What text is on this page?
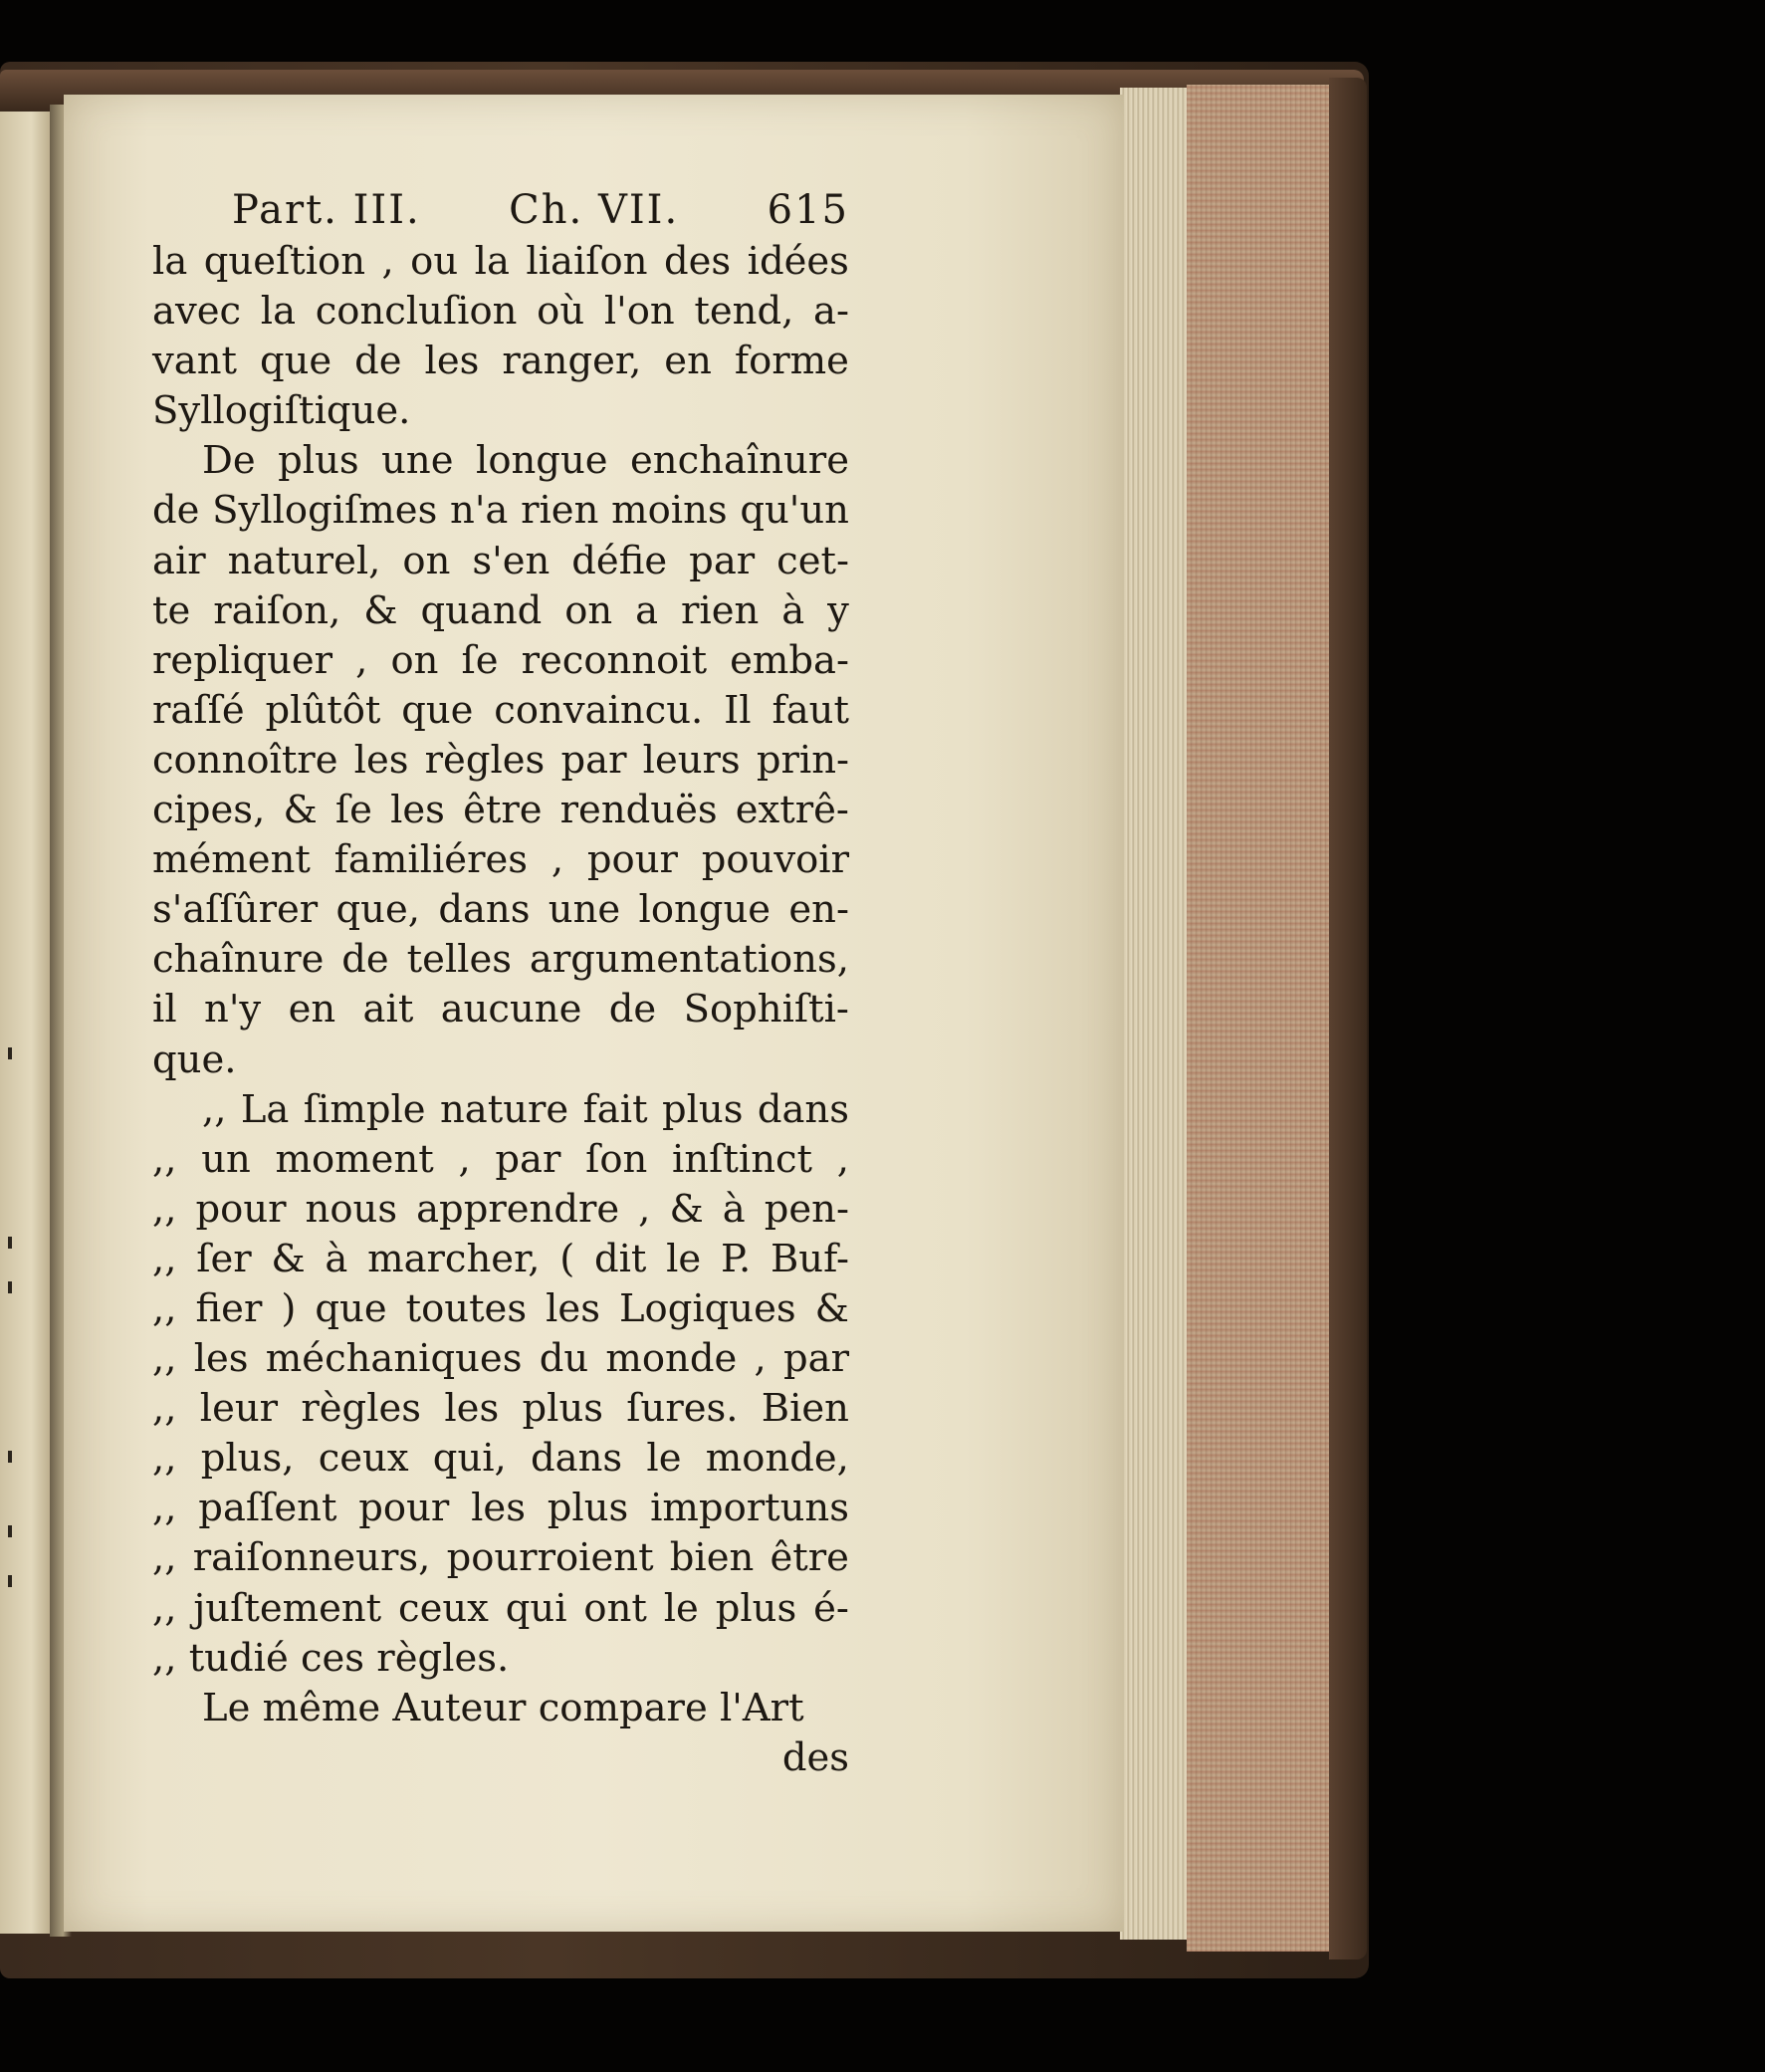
Part. III. Ch. VII. 615
la queſtion , ou la liaiſon des idées
avec la concluſion où l'on tend, a-
vant que de les ranger, en forme
Syllogiſtique.
De plus une longue enchaînure
de Syllogiſmes n'a rien moins qu'un
air naturel, on s'en défie par cet-
te raiſon, & quand on a rien à y
repliquer , on ſe reconnoit emba-
raſſé plûtôt que convaincu. Il faut
connoître les règles par leurs prin-
cipes, & ſe les être renduës extrê-
mément familiéres , pour pouvoir
s'aſſûrer que, dans une longue en-
chaînure de telles argumentations,
il n'y en ait aucune de Sophiſti-
que.
,, La ſimple nature fait plus dans
,, un moment , par ſon inſtinct ,
,, pour nous apprendre , & à pen-
,, ſer & à marcher, ( dit le P. Buf-
,, fier ) que toutes les Logiques &
,, les méchaniques du monde , par
,, leur règles les plus ſures. Bien
,, plus, ceux qui, dans le monde,
,, paſſent pour les plus importuns
,, raiſonneurs, pourroient bien être
,, juſtement ceux qui ont le plus é-
,, tudié ces règles.
Le même Auteur compare l'Art
des
